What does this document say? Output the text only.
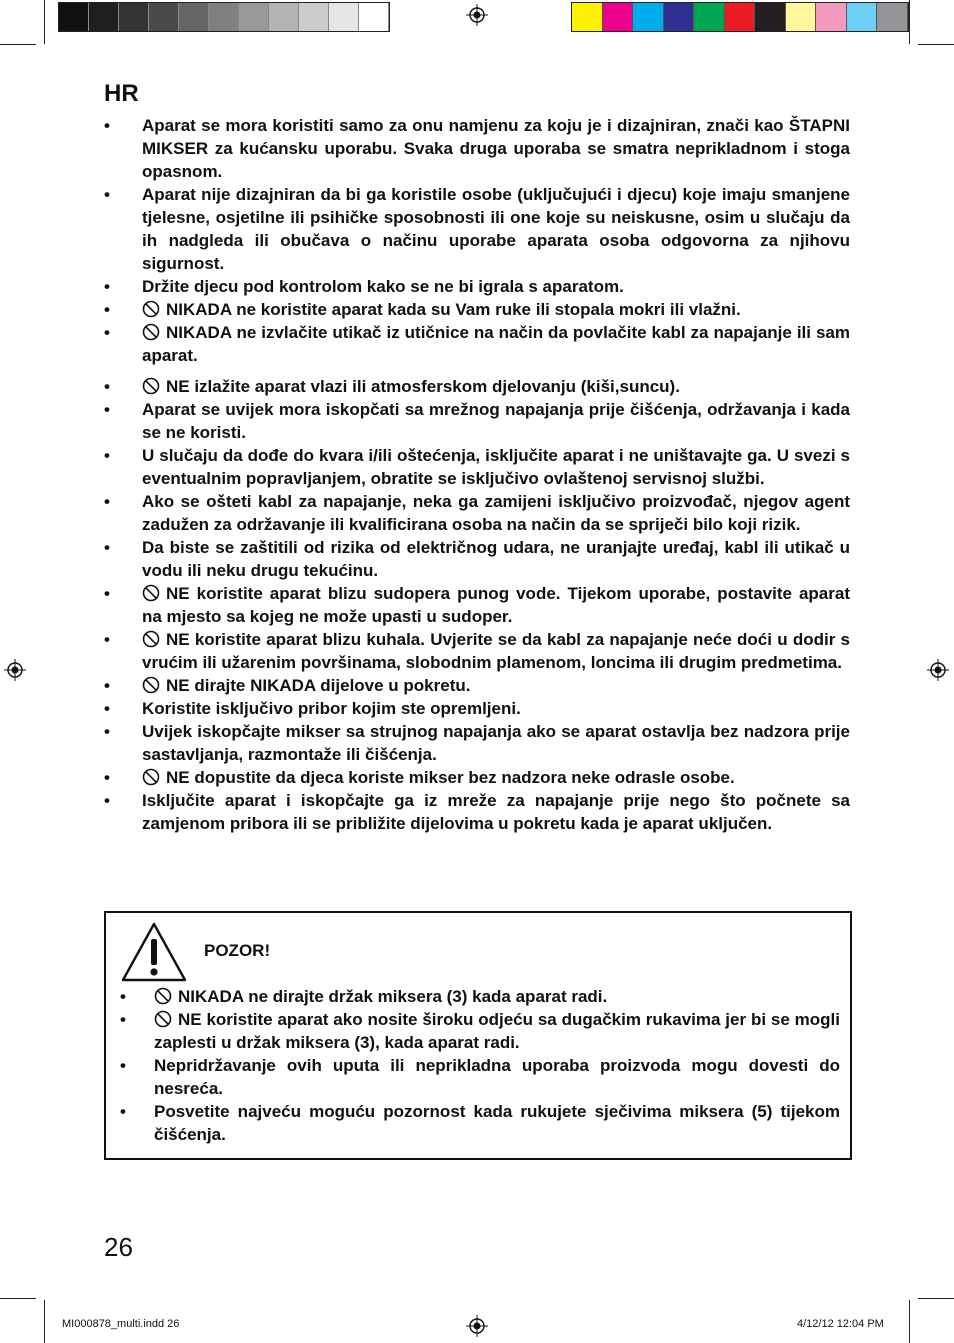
HR
•	Aparat se mora koristiti samo za onu namjenu za koju je i dizajniran, znači kao ŠTAPNI MIKSER za kućansku uporabu. Svaka druga uporaba se smatra neprikladnom i stoga opasnom.
•	Aparat nije dizajniran da bi ga koristile osobe (uključujući i djecu) koje imaju smanjene tjelesne, osjetilne ili psihičke sposobnosti ili one koje su neiskusne, osim u slučaju da ih nadgleda ili obučava o načinu uporabe aparata osoba odgovorna za njihovu sigurnost.
•	Držite djecu pod kontrolom kako se ne bi igrala s aparatom.
•	NIKADA ne koristite aparat kada su Vam ruke ili stopala mokri ili vlažni.
•	NIKADA ne izvlačite utikač iz utičnice na način da povlačite kabl za napajanje ili sam aparat.
•	NE izlažite aparat vlazi ili atmosferskom djelovanju (kiši,suncu).
•	Aparat se uvijek mora iskopčati sa mrežnog napajanja prije čišćenja, održavanja i kada se ne koristi.
•	U slučaju da dođe do kvara i/ili oštećenja, isključite aparat i ne uništavajte ga. U svezi s eventualnim popravljanjem, obratite se isključivo ovlaštenoj servisnoj službi.
•	Ako se ošteti kabl za napajanje, neka ga zamijeni isključivo proizvođač, njegov agent zadužen za održavanje ili kvalificirana osoba na način da se spriječi bilo koji rizik.
•	Da biste se zaštitili od rizika od električnog udara, ne uranjajte uređaj, kabl ili utikač u vodu ili neku drugu tekućinu.
•	NE koristite aparat blizu sudopera punog vode. Tijekom uporabe, postavite aparat na mjesto sa kojeg ne može upasti u sudoper.
•	NE koristite aparat blizu kuhala. Uvjerite se da kabl za napajanje neće doći u dodir s vrućim ili užarenim površinama, slobodnim plamenom, loncima ili drugim predmetima.
•	NE dirajte NIKADA dijelove u pokretu.
•	Koristite isključivo pribor kojim ste opremljeni.
•	Uvijek iskopčajte mikser sa strujnog napajanja ako se aparat ostavlja bez nadzora prije sastavljanja, razmontaže ili čišćenja.
•	NE dopustite da djeca koriste mikser bez nadzora neke odrasle osobe.
•	Isključite aparat i iskopčajte ga iz mreže za napajanje prije nego što počnete sa zamjenom pribora ili se približite dijelovima u pokretu kada je aparat uključen.
POZOR!
•	NIKADA ne dirajte držak miksera (3) kada aparat radi.
•	NE koristite aparat ako nosite široku odjeću sa dugačkim rukavima jer bi se mogli zaplesti u držak miksera (3), kada aparat radi.
• Nepridržavanje ovih uputa ili neprikladna uporaba proizvoda mogu dovesti do nesreća.
• Posvetite najveću moguću pozornost kada rukujete sječivima miksera (5) tijekom čišćenja.
26
MI000878_multi.indd 26	4/12/12 12:04 PM
